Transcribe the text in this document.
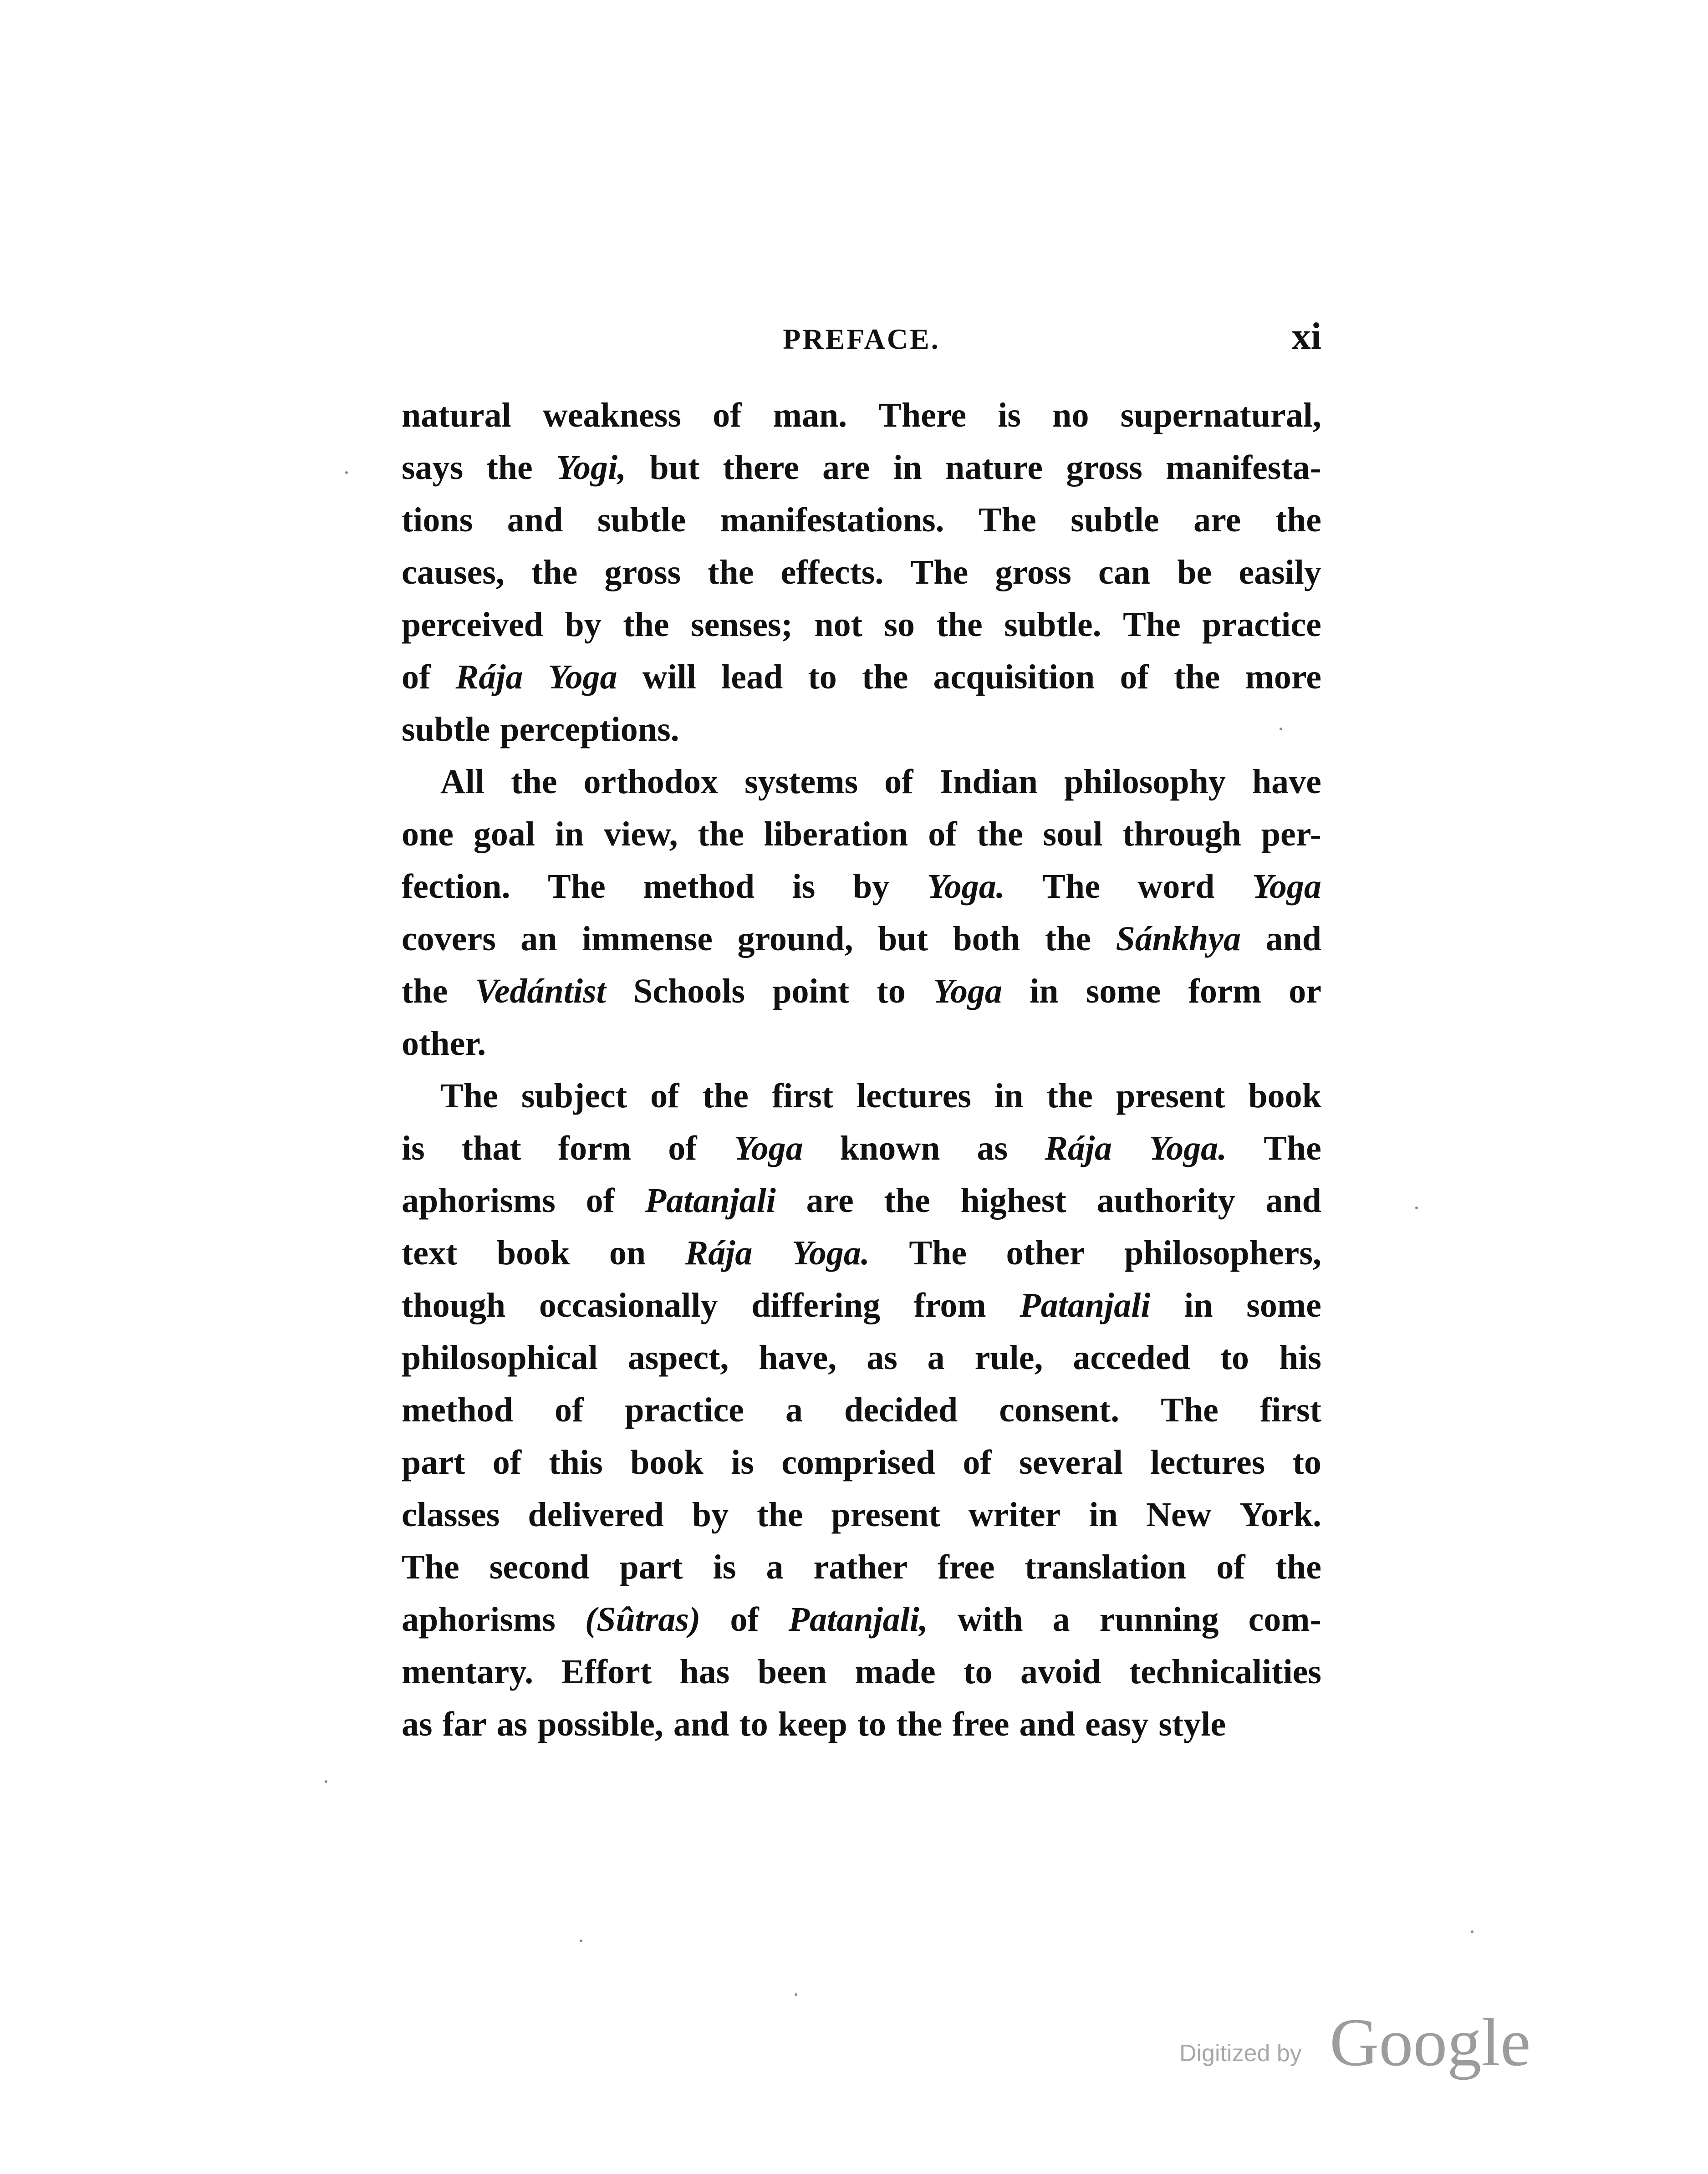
PREFACE.	xi
natural weakness of man. There is no supernatural,
says the Yogi, but there are in nature gross manifesta-
tions and subtle manifestations. The subtle are the
causes, the gross the effects. The gross can be easily
perceived by the senses; not so the subtle. The practice
of Rája Yoga will lead to the acquisition of the more
subtle perceptions.
All the orthodox systems of Indian philosophy have
one goal in view, the liberation of the soul through per-
fection. The method is by Yoga. The word Yoga
covers an immense ground, but both the Sánkhya and
the Vedántist Schools point to Yoga in some form or
other.
The subject of the first lectures in the present book
is that form of Yoga known as Rája Yoga. The
aphorisms of Patanjali are the highest authority and
text book on Rája Yoga. The other philosophers,
though occasionally differing from Patanjali in some
philosophical aspect, have, as a rule, acceded to his
method of practice a decided consent. The first
part of this book is comprised of several lectures to
classes delivered by the present writer in New York.
The second part is a rather free translation of the
aphorisms (Sûtras) of Patanjali, with a running com-
mentary. Effort has been made to avoid technicalities
as far as possible, and to keep to the free and easy style
Digitized by Google
